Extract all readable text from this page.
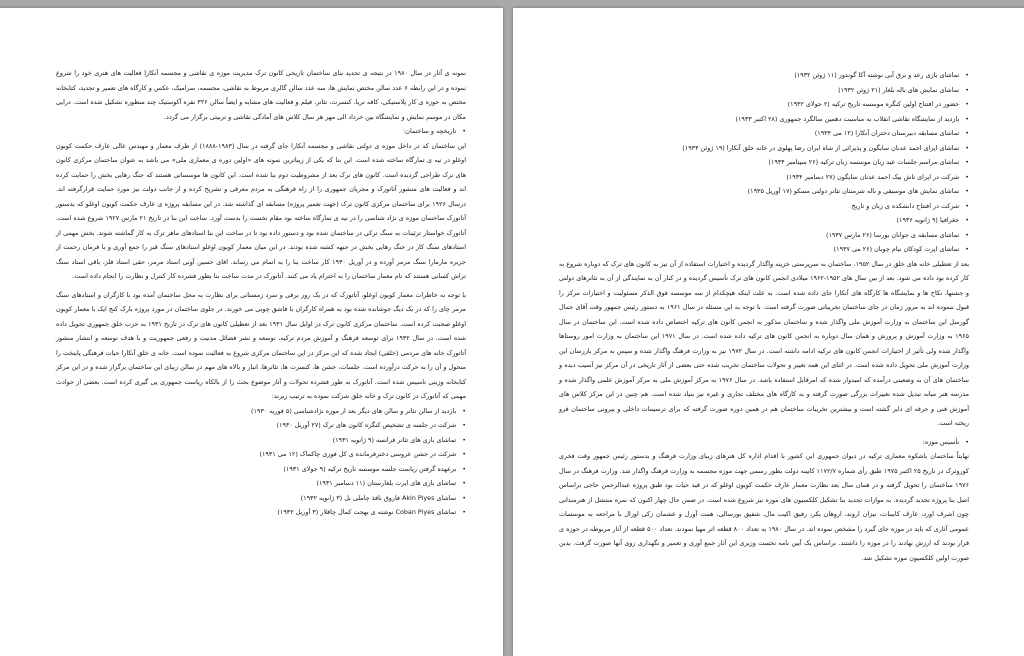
نمونه ی آثار در سال ۱۹۸۰ در نتیجه ی تجدید بنای ساختمان تاریخی کانون ترک مدیریت موزه ی نقاشی و مجسمه آنکارا فعالیت های هنری خود را شروع نموده و در این رابطه ۶ عدد سالن مختص نمایش ها، سه عدد سالن گالری مربوط به نقاشی، مجسمه، سرامیک، عکس و کارگاه های تعمیر و تجدید، کتابخانه مختص به حوزه ی کار پلاستیکی، کافه تریا، کنسرت، تئاتر، فیلم و فعالیت های مشابه و ایضاً سالن ۳۲۶ نفره آکوستیک چند منظوره تشکیل شده است. درایی مکان در موسم نمایش و نمایشگاه بین خرداد الی مهر هر سال کلاس های آمادگی نقاشی و تربیتی برگزار می گردد.

• تاریخچه و ساختمان:

این ساختمان که در داخل موزه ی دولتی نقاشی و مجسمه آنکارا جای گرفته در سال (۱۹۸۳-۱۸۸۸) از طرف معمار و مهندس عالی عارف حکمت کویون اوغلو در نیه ی تمارگاه ساخته شده است. این بنا که یکی از زیباترین نمونه های «اولین دوره ی معماری ملی» می باشد به عنوان ساختمان مرکزی کانون های ترک طراحی گردیده است. کانون های ترک بعد از مشروطیت دوم بنا شده است. این کانون ها موسساتی هستند که جنگ رهایی بخش را حمایت کرده اند و فعالیت های منشور آتاتورک و مجریان جمهوری را از راه فرهنگی به مردم معرفی و تشریح کرده و از جانب دولت نیز مورد حمایت قرارگرفته اند. درسال ۱۹۲۶ برای ساختمان مرکزی کانون ترک (جهت تعمیر پروژه) مسابقه ای گذاشته شد. در این مسابقه پروژه ی عارف حکمت کویون اوغلو که بدستور آتاتورک ساختمان موزه ی نژاد شناسی را در نیه ی تمارگاه ساخته بود مقام نخست را بدست آورد. ساخت این بنا در تاریخ ۲۱ مارس ۱۹۲۷ شروع شده است. آتاتورک خواستار تزئینات به سنگ ترکی در ساختمان شده بود و دستور داده بود تا در ساخت این بنا استادهای ماهر ترک به کار گماشته شوند. بخش مهمی از استادهای سنگ کار در جنگ رهایی بخش در جبهه کشته شده بودند. در این میان معمار کویون اوغلو استادهای سنگ قبر را جمع آوری و با فرمان رحمت از جزیره مارمارا سنگ مرمر آورده و در آوریل ۱۹۳۰ کار ساخت بنا را به اتمام می رساند. اقای حسین آونی استاد مرمر، حقی استاد فلز، باقی استاد سنگ تراش کسانی هستند که نام معمار ساختمان را به احترام یاد می کنند. آتاتورک در مدت ساخت بنا بطور فشرده کار کنترل و نظارت را انجام داده است.

با توجه به خاطرات معمار کویون اوغلو، آتاتورک که در یک روز برفی و سرد زمستانی برای نظارت به محل ساختمان آمده بود با کارگران و استادهای سنگ مرمر چای را که در یک دیگ جوشانده شده بود به همراه کارگران با قاشق چوبی می خورند. در جلوی ساختمان در مورد پروژه بارک کنج ایک با معمار کویون اوغلو صحبت کرده است. ساختمان مرکزی کانون ترک در اوایل سال ۱۹۳۱ بعد از تعطیلی کانون های ترک در تاریخ ۱۹۳۱ به حزب خلق جمهوری تحویل داده شده است. در سال ۱۹۳۲ برای توسعه فرهنگ و آموزش مردم ترکیه، توسعه و نشر فضائل مدنیت و رفعی جمهوریت و با هدف توسعه و انتشار منشور آتاتورک خانه های مردمی (خلقی) ایجاد شده که این مرکز در این ساختمان مرکزی شروع به فعالیت نموده است. خانه ی خلق آنکارا حیات فرهنگی پایتخت را متحول و آن را به حرکت درآورده است. جلسات، جشن ها، کنسرت ها، تئاترها، انبار و بالاه های مهم در سالن زیبای این ساختمان برگزار شده و در این مرکز کتابخانه وزینی تاسیس شده است. آتاتورک به طور فشرده تحولات و آثار موضوع بحث را از بالکاه ریاست جمهوری پی گیری کرده است. بعضی از حوادث مهمی که آتاتورک در کانون ترک و خانه خلق شرکت نموده به ترتیب زیرند:

• بازدید از سالن تئاتر و سالن های دیگر بعد از موزه نژادشناسی (۵ فوریه ۱۹۳۰)
• شرکت در جلسه ی تشخیص کنگره کانون های ترک (۲۷ آوریل ۱۹۳۰)
• تماشای بازی های تئاتر فرانسه (۹ ژانویه ۱۹۳۱)
• شرکت در جشن عروسی دخترفرمانده ی کل فوزی چاکماک (۱۲ می ۱۹۳۱)
• برعهده گرفتن ریاست جلسه موسسه تاریخ ترکیه (۹ جولای ۱۹۳۱)
• تماشای بازی های اپرت بلغارستان (۱۱ دسامبر ۱۹۳۱)
• تماشای Akin Piyes فاروق نافذ چاملی بل (۳ ژانویه ۱۹۳۲)
• تماشای Coban Piyes نوشته ی بهجت کمال چاقلار (۳ آوریل ۱۹۳۲)
• تماشای بازی رعد و برق آبی نوشته آکا گوندوز (۱۱ ژوئن ۱۹۳۲)
• تماشای نمایش های باله بلغار (۲۱ ژوئن ۱۹۳۲)
• حضور در افتتاح اولین کنگره موسسه تاریخ ترکیه (۲ جولای ۱۹۳۲)
• بازدید از نمایشگاه نقاشی انقلاب به مناسبت دهمین سالگرد جمهوری (۲۸ اکتبر ۱۹۳۳)
• تماشای مسابقه دبیرستان دختران آنکارا (۱۲ می ۱۹۳۴)
• تماشای اپرای احمد عدنان سایگون و پذیرائی از شاه ایران رضا پهلوی در خانه خلق آنکارا (۱۹ ژوئن ۱۹۳۴)
• تماشای مراسم جلسات عید زبان موسسه زبان ترکیه (۲۶ سپتامبر ۱۹۳۴)
• شرکت در اپرای تاش بیک احمد عدنان سایگون (۲۷ دسامبر ۱۹۳۴)
• تماشای نمایش های موسیقی و باله شرمنتان تئاتر دولتی مسکو (۱۷ آوریل ۱۹۳۵)
• شرکت در افتتاح دانشکده ی زبان و تاریخ
• جغرافیا (۹ ژانویه ۱۹۳۶)
• تماشای مسابقه ی جوانان بورسا (۲۶ مارس ۱۹۳۷)
• تماشای اپرت کودکان نیام چوبان (۲۶ می ۱۹۳۷)

بعد از تعطیلی خانه های خلق در سال ۱۹۵۲، ساختمان به سرپرستی خزینه واگذار گردیده و اختیارات استفاده از آن نیز به کانون های ترک که دوباره شروع به کار کرده بود داده می شود. بعد از بین سال های ۱۹۵۲-۱۹۶۲ میلادی انجمن کانون های ترک تأسیس گردیده و در کنار آن به نمایندگی از آن به تئاترهای دولتی و جشنها، نکاح ها و نمایشگاه ها کارگاه های آنکارا جای داده شده است. به علت اینکه هیچکدام از سه موسسه فوق الذکر مسئولیت و اختیارات مرکز را قبول ننموده اند به مرور زمان در جای ساختمان تخریباتی صورت گرفته است. با توجه به این مسئله در سال ۱۹۶۱ به دستور رئیس جمهور وقت آقای جمال گورسل این ساختمان به وزارت آموزش ملی واگذار شده و ساختمان مذکور به انجمن کانون های ترکیه اختصاص داده شده است. این ساختمان در سال ۱۹۶۵ به وزارت آموزش و پرورش و همان سال دوباره به انجمن کانون های ترکیه داده شده است. در سال ۱۹۷۱ این ساختمان به وزارت امور روستاها واگذار شده ولی تأثیر از اختیارات انجمن کانون های ترکیه ادامه داشته است. در سال ۱۹۷۲ نیز به وزارت فرهنگ واگذار شده و سپس به مرکز بازرسان این وزارت آموزش ملی تحویل داده شده است. در اثنای این همه تغییر و تحولات ساختمان تخریب شده حتی بعضی از آثار تاریخی در آن مرکز نیز آسیب دیده و ساختمان های آن به وضعیتی درآمده که امیدوار شده که امرقابل استفاده باشد. در سال ۱۹۷۶ به مرکز آموزش ملی به مرکز آموزش علمی واگذار شده و مدرسه هنر مبانه تبدیل شده تغییرات بزرگی صورت گرفته و به کارگاه های مختلف تجاری و غیره نیز بنیاد شده است. هم چنین در این مرکز کلاس های آموزش فنی و حرفه ای دایر گشته است و بیشترین تخریبات ساختمان هم در همین دوره صورت گرفته که برای ترسیمات داخلی و بیرونی ساختمان فرو ریخته است.

• تأسیس موزه:

نهایتاً ساختمان باشکوه معماری ترکیه در دیوان جمهوری این کشور با اقدام اداره کل هنرهای زیبای وزارت فرهنگ و بدستور رئیس جمهور وقت فخری کوروترک در تاریخ ۲۵ اکتبر ۱۹۷۵ طبق رأی شماره ۱۱۷۲/۷ کابینه دولت بطور رسمی جهت موزه مجسمه به وزارت فرهنگ واگذار شد. وزارت فرهنگ در سال ۱۹۷۶ ساختمان را تحویل گرفته و در همان سال بعد نظارت معمار عارف حکمت کویون اوغلو که در قید حیات بود طبق پروژه عبدالرحمن حاجی براساس اصل بنا پروژه تجدید گردیده. به موازات تجدید بنا تشکیل کلکسیون های موزه نیز شروع شده است. در ضمن حال چهار اکنون که نمره منتشل از هنرمندانی چون اشرف اورد، عارف کابینات، نیزان اروند، اروهان یکر، رفیق اکیب مال، شفیق بورسالی، همت آورل و عشمان زکی اوزال با مراجعه به موسسات عمومی آثاری که باید در موزه جای گیرد را مشخص نموده اند. در سال ۱۹۸۰ به تعداد ۸۰۰ قطعه اثر مهیا نمودند. تعداد ۵۰۰ قطعه از آثار مربوطه در حوزه ی قرار بودند که ارزش نهادند را در موزه را داشتند. براساس یک آیین نامه نخست وزیری این آثار جمع آوری و تعمیر و نگهداری روی آنها صورت گرفت. بدین صورت اولین کلکسیون موزه تشکیل شد.
